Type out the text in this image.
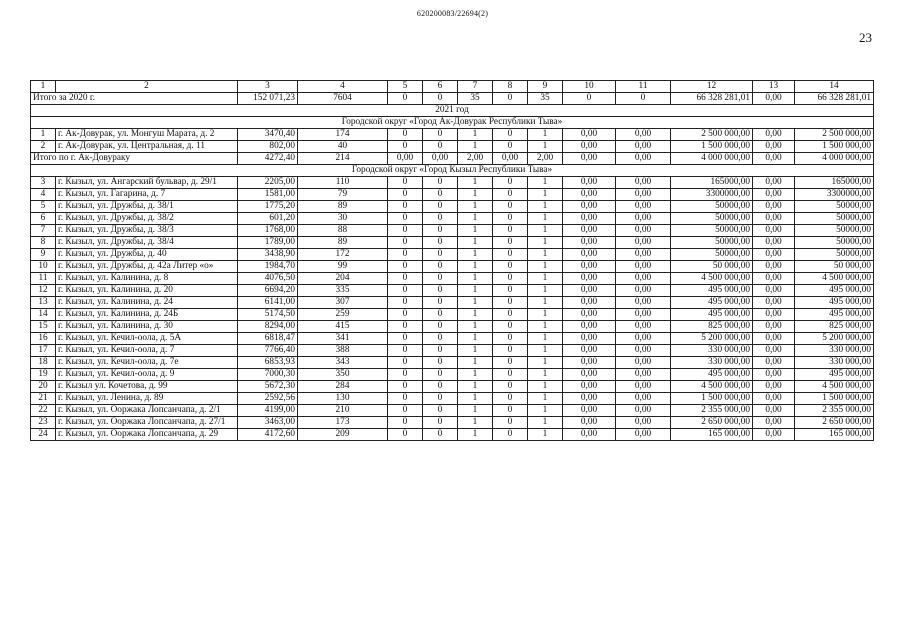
620200083/22694(2)
23
1	2	3	4	5	6	7	8	9	10	11	12	13	14
Итого за 2020 г.		152 071,23	7604	0	0	35	0	35	0	0	66 328 281,01	0,00	66 328 281,01
2021 год													
Городской округ «Город Ак-Довурак Республики Тыва»													
1	г. Ак-Довурак, ул. Монгуш Марата, д. 2	3470,40	174	0	0	1	0	1	0,00	0,00	2 500 000,00	0,00	2 500 000,00
2	г. Ак-Довурак, ул. Центральная, д. 11	802,00	40	0	0	1	0	1	0,00	0,00	1 500 000,00	0,00	1 500 000,00
Итого по г. Ак-Довураку		4272,40	214	0,00	0,00	2,00	0,00	2,00	0,00	0,00	4 000 000,00	0,00	4 000 000,00
Городской округ «Город Кызыл Республики Тыва»													
3	г. Кызыл, ул. Ангарский бульвар, д. 29/1	2205,00	110	0	0	1	0	1	0,00	0,00	165000,00	0,00	165000,00
4	г. Кызыл, ул. Гагарина, д. 7	1581,00	79	0	0	1	0	1	0,00	0,00	3300000,00	0,00	3300000,00
5	г. Кызыл, ул. Дружбы, д. 38/1	1775,20	89	0	0	1	0	1	0,00	0,00	50000,00	0,00	50000,00
6	г. Кызыл, ул. Дружбы, д. 38/2	601,20	30	0	0	1	0	1	0,00	0,00	50000,00	0,00	50000,00
7	г. Кызыл, ул. Дружбы, д. 38/3	1768,00	88	0	0	1	0	1	0,00	0,00	50000,00	0,00	50000,00
8	г. Кызыл, ул. Дружбы, д. 38/4	1789,00	89	0	0	1	0	1	0,00	0,00	50000,00	0,00	50000,00
9	г. Кызыл, ул. Дружбы, д. 40	3438,90	172	0	0	1	0	1	0,00	0,00	50000,00	0,00	50000,00
10	г. Кызыл, ул. Дружбы, д. 42а Литер «о»	1984,70	99	0	0	1	0	1	0,00	0,00	50 000,00	0,00	50 000,00
11	г. Кызыл, ул. Калинина, д. 8	4076,50	204	0	0	1	0	1	0,00	0,00	4 500 000,00	0,00	4 500 000,00
12	г. Кызыл, ул. Калинина, д. 20	6694,20	335	0	0	1	0	1	0,00	0,00	495 000,00	0,00	495 000,00
13	г. Кызыл, ул. Калинина, д. 24	6141,00	307	0	0	1	0	1	0,00	0,00	495 000,00	0,00	495 000,00
14	г. Кызыл, ул. Калинина, д. 24Б	5174,50	259	0	0	1	0	1	0,00	0,00	495 000,00	0,00	495 000,00
15	г. Кызыл, ул. Калинина, д. 30	8294,00	415	0	0	1	0	1	0,00	0,00	825 000,00	0,00	825 000,00
16	г. Кызыл, ул. Кечил-оола, д. 5А	6818,47	341	0	0	1	0	1	0,00	0,00	5 200 000,00	0,00	5 200 000,00
17	г. Кызыл, ул. Кечил-оола, д. 7	7766,40	388	0	0	1	0	1	0,00	0,00	330 000,00	0,00	330 000,00
18	г. Кызыл, ул. Кечил-оола, д. 7е	6853,93	343	0	0	1	0	1	0,00	0,00	330 000,00	0,00	330 000,00
19	г. Кызыл, ул. Кечил-оола, д. 9	7000,30	350	0	0	1	0	1	0,00	0,00	495 000,00	0,00	495 000,00
20	г. Кызыл ул. Кочетова, д. 99	5672,30	284	0	0	1	0	1	0,00	0,00	4 500 000,00	0,00	4 500 000,00
21	г. Кызыл, ул. Ленина, д. 89	2592,56	130	0	0	1	0	1	0,00	0,00	1 500 000,00	0,00	1 500 000,00
22	г. Кызыл, ул. Ооржака Лопсанчапа, д. 2/1	4199,00	210	0	0	1	0	1	0,00	0,00	2 355 000,00	0,00	2 355 000,00
23	г. Кызыл, ул. Ооржака Лопсанчапа, д. 27/1	3463,00	173	0	0	1	0	1	0,00	0,00	2 650 000,00	0,00	2 650 000,00
24	г. Кызыл, ул. Ооржака Лопсанчапа, д. 29	4172,60	209	0	0	1	0	1	0,00	0,00	165 000,00	0,00	165 000,00
